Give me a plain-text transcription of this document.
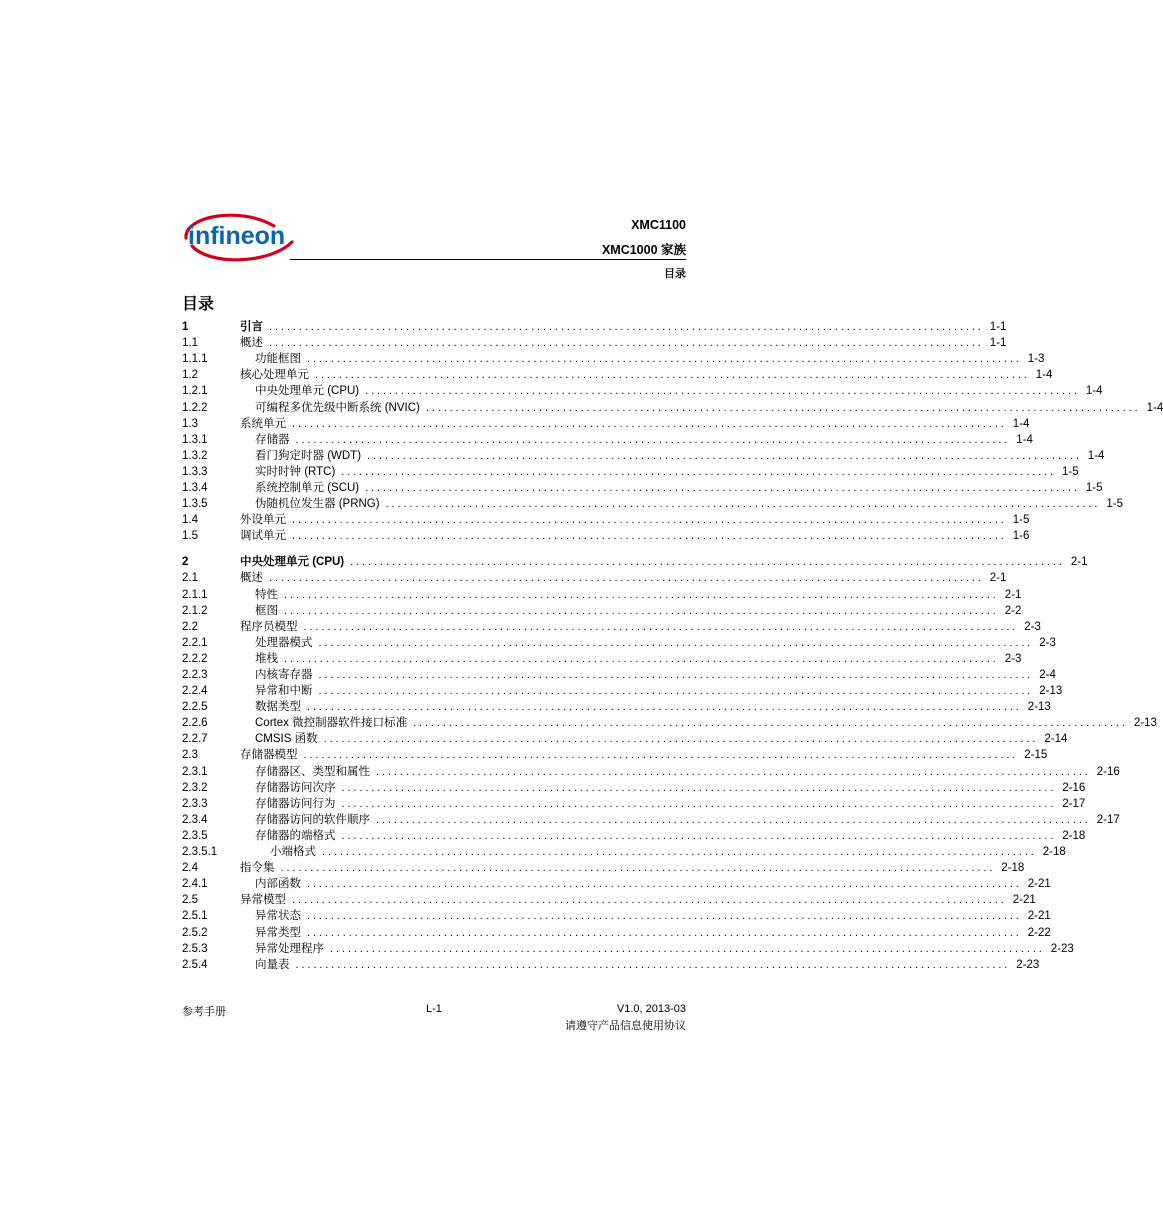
infineon	XMC1100
XMC1000 家族
目录
目录
1	引言 ........................................................................................................................ 1-1
1.1	概述 ........................................................................................................................ 1-1
1.1.1	功能框图 ........................................................................................................................ 1-3
1.2	核心处理单元 ........................................................................................................................ 1-4
1.2.1	中央处理单元 (CPU) ........................................................................................................................ 1-4
1.2.2	可编程多优先级中断系统 (NVIC) ........................................................................................................................ 1-4
1.3	系统单元 ........................................................................................................................ 1-4
1.3.1	存储器 ........................................................................................................................ 1-4
1.3.2	看门狗定时器 (WDT) ........................................................................................................................ 1-4
1.3.3	实时时钟 (RTC) ........................................................................................................................ 1-5
1.3.4	系统控制单元 (SCU) ........................................................................................................................ 1-5
1.3.5	伪随机位发生器 (PRNG) ........................................................................................................................ 1-5
1.4	外设单元 ........................................................................................................................ 1-5
1.5	调试单元 ........................................................................................................................ 1-6
2	中央处理单元 (CPU) ........................................................................................................................ 2-1
2.1	概述 ........................................................................................................................ 2-1
2.1.1	特性 ........................................................................................................................ 2-1
2.1.2	框图 ........................................................................................................................ 2-2
2.2	程序员模型 ........................................................................................................................ 2-3
2.2.1	处理器模式 ........................................................................................................................ 2-3
2.2.2	堆栈 ........................................................................................................................ 2-3
2.2.3	内核寄存器 ........................................................................................................................ 2-4
2.2.4	异常和中断 ........................................................................................................................ 2-13
2.2.5	数据类型 ........................................................................................................................ 2-13
2.2.6	Cortex 微控制器软件接口标准 ........................................................................................................................ 2-13
2.2.7	CMSIS 函数 ........................................................................................................................ 2-14
2.3	存储器模型 ........................................................................................................................ 2-15
2.3.1	存储器区、类型和属性 ........................................................................................................................ 2-16
2.3.2	存储器访问次序 ........................................................................................................................ 2-16
2.3.3	存储器访问行为 ........................................................................................................................ 2-17
2.3.4	存储器访问的软件顺序 ........................................................................................................................ 2-17
2.3.5	存储器的端格式 ........................................................................................................................ 2-18
2.3.5.1	小端格式 ........................................................................................................................ 2-18
2.4	指令集 ........................................................................................................................ 2-18
2.4.1	内部函数 ........................................................................................................................ 2-21
2.5	异常模型 ........................................................................................................................ 2-21
2.5.1	异常状态 ........................................................................................................................ 2-21
2.5.2	异常类型 ........................................................................................................................ 2-22
2.5.3	异常处理程序 ........................................................................................................................ 2-23
2.5.4	向量表 ........................................................................................................................ 2-23
参考手册	L-1	V1.0, 2013-03
请遵守产品信息使用协议
